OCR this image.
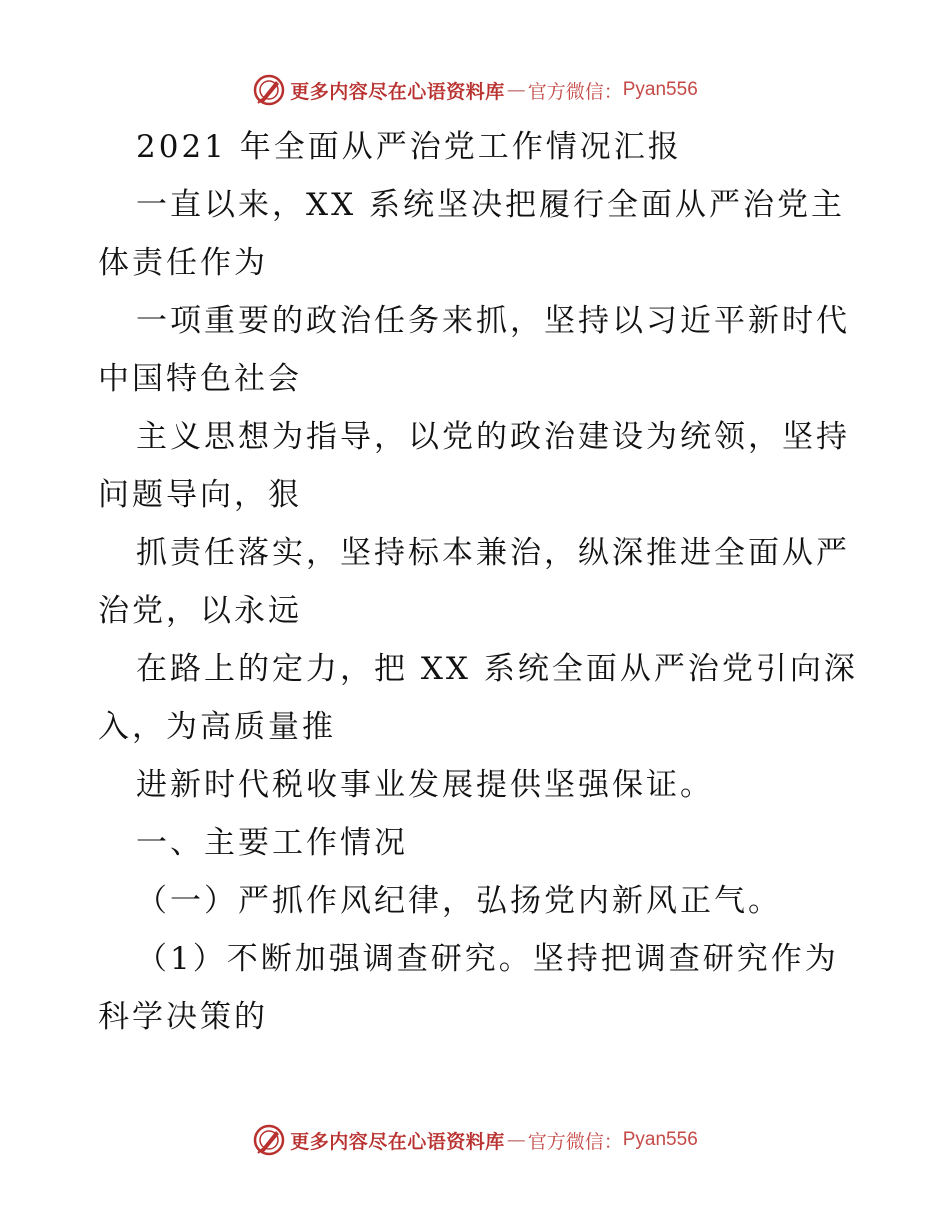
更多内容尽在心语资料库 — 官方微信： Pyan556
2021 年全面从严治党工作情况汇报
一直以来，XX 系统坚决把履行全面从严治党主
体责任作为
一项重要的政治任务来抓，坚持以习近平新时代
中国特色社会
主义思想为指导，以党的政治建设为统领，坚持
问题导向，狠
抓责任落实，坚持标本兼治，纵深推进全面从严
治党，以永远
在路上的定力，把 XX 系统全面从严治党引向深
入，为高质量推
进新时代税收事业发展提供坚强保证。
一、主要工作情况
（一）严抓作风纪律，弘扬党内新风正气。
（1）不断加强调查研究。坚持把调查研究作为
科学决策的
更多内容尽在心语资料库 — 官方微信： Pyan556
